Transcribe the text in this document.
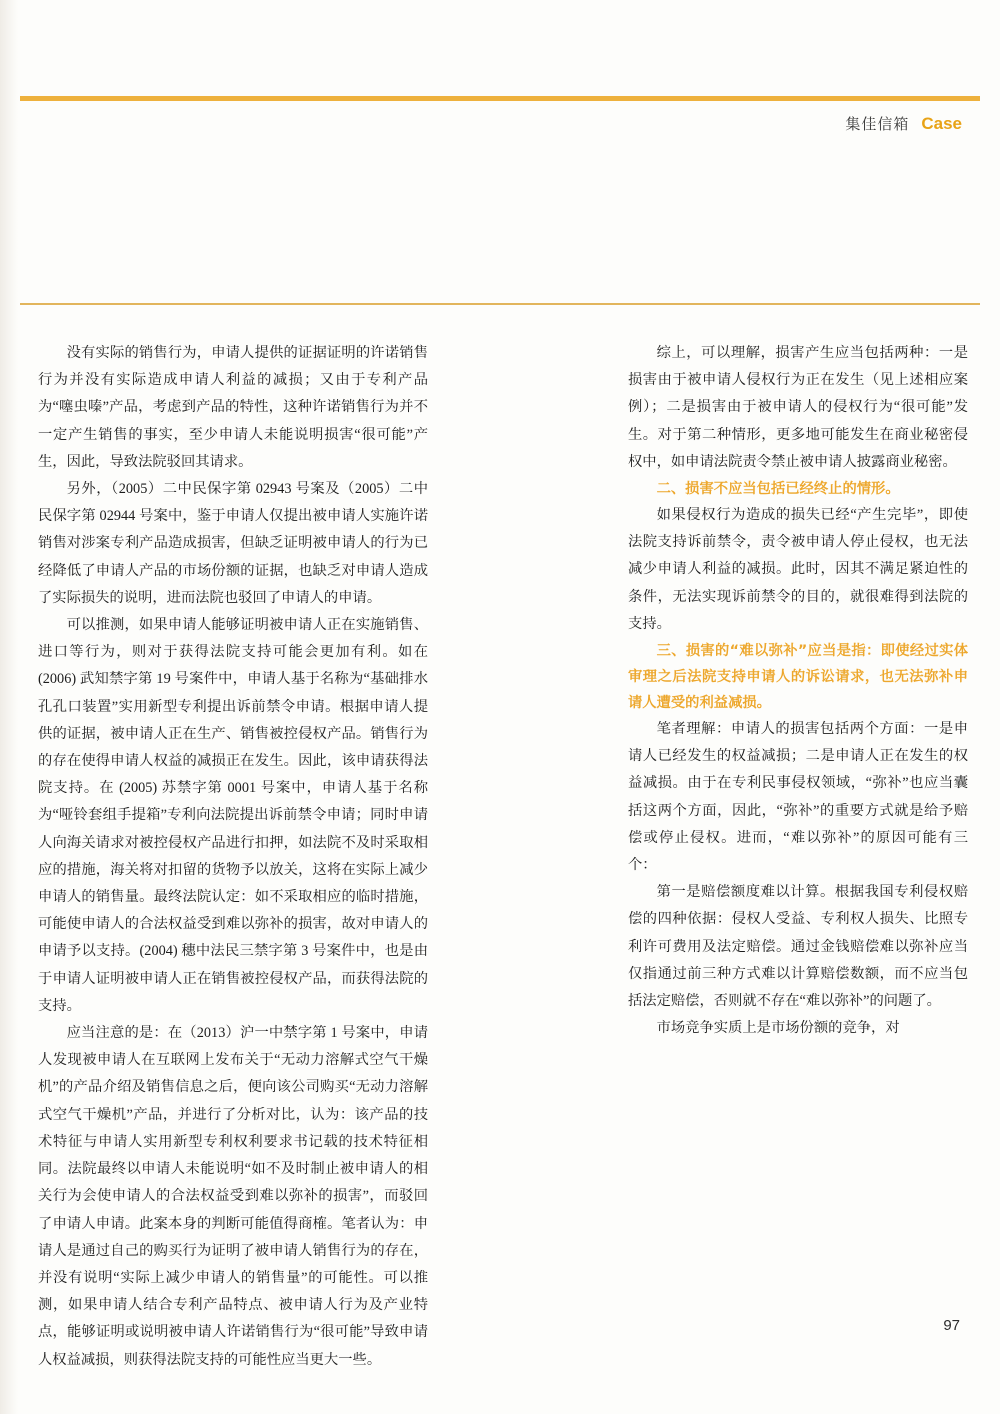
集佳信箱 Case

没有实际的销售行为，申请人提供的证据证明的许诺销售行为并没有实际造成申请人利益的减损；又由于专利产品为“噻虫嗪”产品，考虑到产品的特性，这种许诺销售行为并不一定产生销售的事实，至少申请人未能说明损害“很可能”产生，因此，导致法院驳回其请求。

另外，（2005）二中民保字第 02943 号案及（2005）二中民保字第 02944 号案中，鉴于申请人仅提出被申请人实施许诺销售对涉案专利产品造成损害，但缺乏证明被申请人的行为已经降低了申请人产品的市场份额的证据，也缺乏对申请人造成了实际损失的说明，进而法院也驳回了申请人的申请。

可以推测，如果申请人能够证明被申请人正在实施销售、进口等行为，则对于获得法院支持可能会更加有利。如在 (2006) 武知禁字第 19 号案件中，申请人基于名称为“基础排水孔孔口装置”实用新型专利提出诉前禁令申请。根据申请人提供的证据，被申请人正在生产、销售被控侵权产品。销售行为的存在使得申请人权益的减损正在发生。因此，该申请获得法院支持。在 (2005) 苏禁字第 0001 号案中，申请人基于名称为“哑铃套组手提箱”专利向法院提出诉前禁令申请；同时申请人向海关请求对被控侵权产品进行扣押，如法院不及时采取相应的措施，海关将对扣留的货物予以放关，这将在实际上减少申请人的销售量。最终法院认定：如不采取相应的临时措施，可能使申请人的合法权益受到难以弥补的损害，故对申请人的申请予以支持。(2004) 穗中法民三禁字第 3 号案件中，也是由于申请人证明被申请人正在销售被控侵权产品，而获得法院的支持。

应当注意的是：在（2013）沪一中禁字第 1 号案中，申请人发现被申请人在互联网上发布关于“无动力溶解式空气干燥机”的产品介绍及销售信息之后，便向该公司购买“无动力溶解式空气干燥机”产品，并进行了分析对比，认为：该产品的技术特征与申请人实用新型专利权利要求书记载的技术特征相同。法院最终以申请人未能说明“如不及时制止被申请人的相关行为会使申请人的合法权益受到难以弥补的损害”，而驳回了申请人申请。此案本身的判断可能值得商榷。笔者认为：申请人是通过自己的购买行为证明了被申请人销售行为的存在，并没有说明“实际上减少申请人的销售量”的可能性。可以推测，如果申请人结合专利产品特点、被申请人行为及产业特点，能够证明或说明被申请人许诺销售行为“很可能”导致申请人权益减损，则获得法院支持的可能性应当更大一些。

综上，可以理解，损害产生应当包括两种：一是损害由于被申请人侵权行为正在发生（见上述相应案例）；二是损害由于被申请人的侵权行为“很可能”发生。对于第二种情形，更多地可能发生在商业秘密侵权中，如申请法院责令禁止被申请人披露商业秘密。

二、损害不应当包括已经终止的情形。

如果侵权行为造成的损失已经“产生完毕”，即使法院支持诉前禁令，责令被申请人停止侵权，也无法减少申请人利益的减损。此时，因其不满足紧迫性的条件，无法实现诉前禁令的目的，就很难得到法院的支持。

三、损害的“难以弥补”应当是指：即使经过实体审理之后法院支持申请人的诉讼请求，也无法弥补申请人遭受的利益减损。

笔者理解：申请人的损害包括两个方面：一是申请人已经发生的权益减损；二是申请人正在发生的权益减损。由于在专利民事侵权领域，“弥补”也应当囊括这两个方面，因此，“弥补”的重要方式就是给予赔偿或停止侵权。进而，“难以弥补”的原因可能有三个：

第一是赔偿额度难以计算。根据我国专利侵权赔偿的四种依据：侵权人受益、专利权人损失、比照专利许可费用及法定赔偿。通过金钱赔偿难以弥补应当仅指通过前三种方式难以计算赔偿数额，而不应当包括法定赔偿，否则就不存在“难以弥补”的问题了。

市场竞争实质上是市场份额的竞争，对

97
